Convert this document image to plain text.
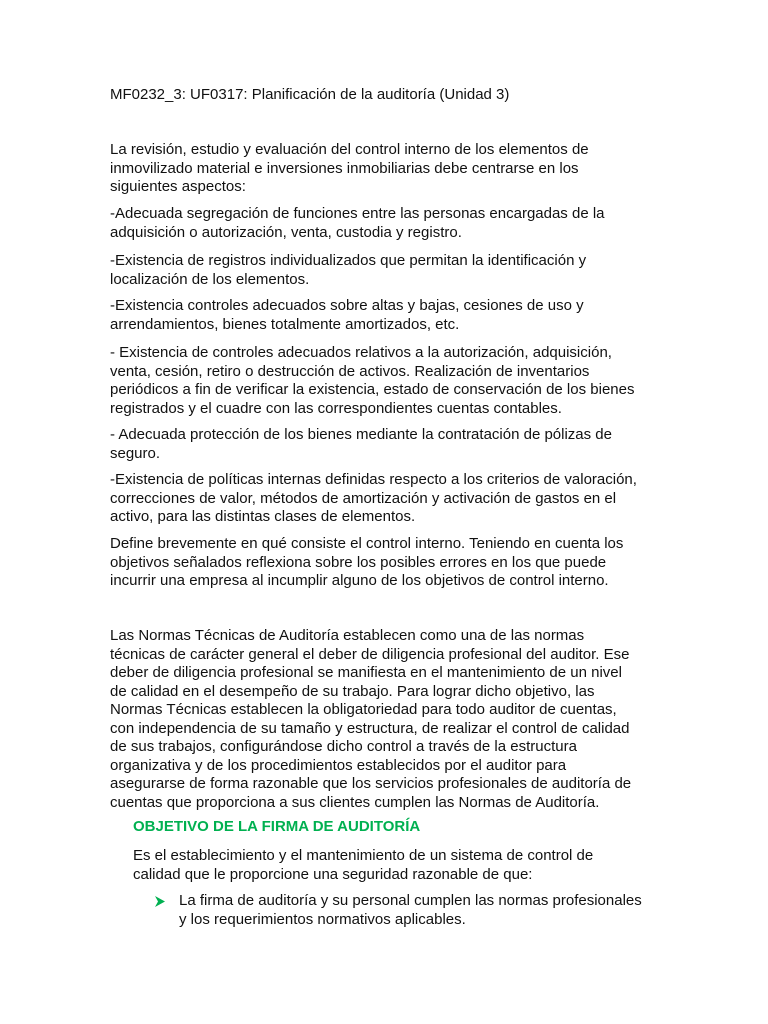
MF0232_3: UF0317: Planificación de la auditoría (Unidad 3)
La revisión, estudio y evaluación del control interno de los elementos de
inmovilizado material e inversiones inmobiliarias debe centrarse en los
siguientes aspectos:
-Adecuada segregación de funciones entre las personas encargadas de la
adquisición o autorización, venta, custodia y registro.
-Existencia de registros individualizados que permitan la identificación y
localización de los elementos.
-Existencia controles adecuados sobre altas y bajas, cesiones de uso y
arrendamientos, bienes totalmente amortizados, etc.
- Existencia de controles adecuados relativos a la autorización, adquisición,
venta, cesión, retiro o destrucción de activos. Realización de inventarios
periódicos a fin de verificar la existencia, estado de conservación de los bienes
registrados y el cuadre con las correspondientes cuentas contables.
- Adecuada protección de los bienes mediante la contratación de pólizas de
seguro.
-Existencia de políticas internas definidas respecto a los criterios de valoración,
correcciones de valor, métodos de amortización y activación de gastos en el
activo, para las distintas clases de elementos.
Define brevemente en qué consiste el control interno. Teniendo en cuenta los
objetivos señalados reflexiona sobre los posibles errores en los que puede
incurrir una empresa al incumplir alguno de los objetivos de control interno.
Las Normas Técnicas de Auditoría establecen como una de las normas
técnicas de carácter general el deber de diligencia profesional del auditor. Ese
deber de diligencia profesional se manifiesta en el mantenimiento de un nivel
de calidad en el desempeño de su trabajo. Para lograr dicho objetivo, las
Normas Técnicas establecen la obligatoriedad para todo auditor de cuentas,
con independencia de su tamaño y estructura, de realizar el control de calidad
de sus trabajos, configurándose dicho control a través de la estructura
organizativa y de los procedimientos establecidos por el auditor para
asegurarse de forma razonable que los servicios profesionales de auditoría de
cuentas que proporciona a sus clientes cumplen las Normas de Auditoría.
OBJETIVO DE LA FIRMA DE AUDITORÍA
Es el establecimiento y el mantenimiento de un sistema de control de
calidad que le proporcione una seguridad razonable de que:
La firma de auditoría y su personal cumplen las normas profesionales
y los requerimientos normativos aplicables.
